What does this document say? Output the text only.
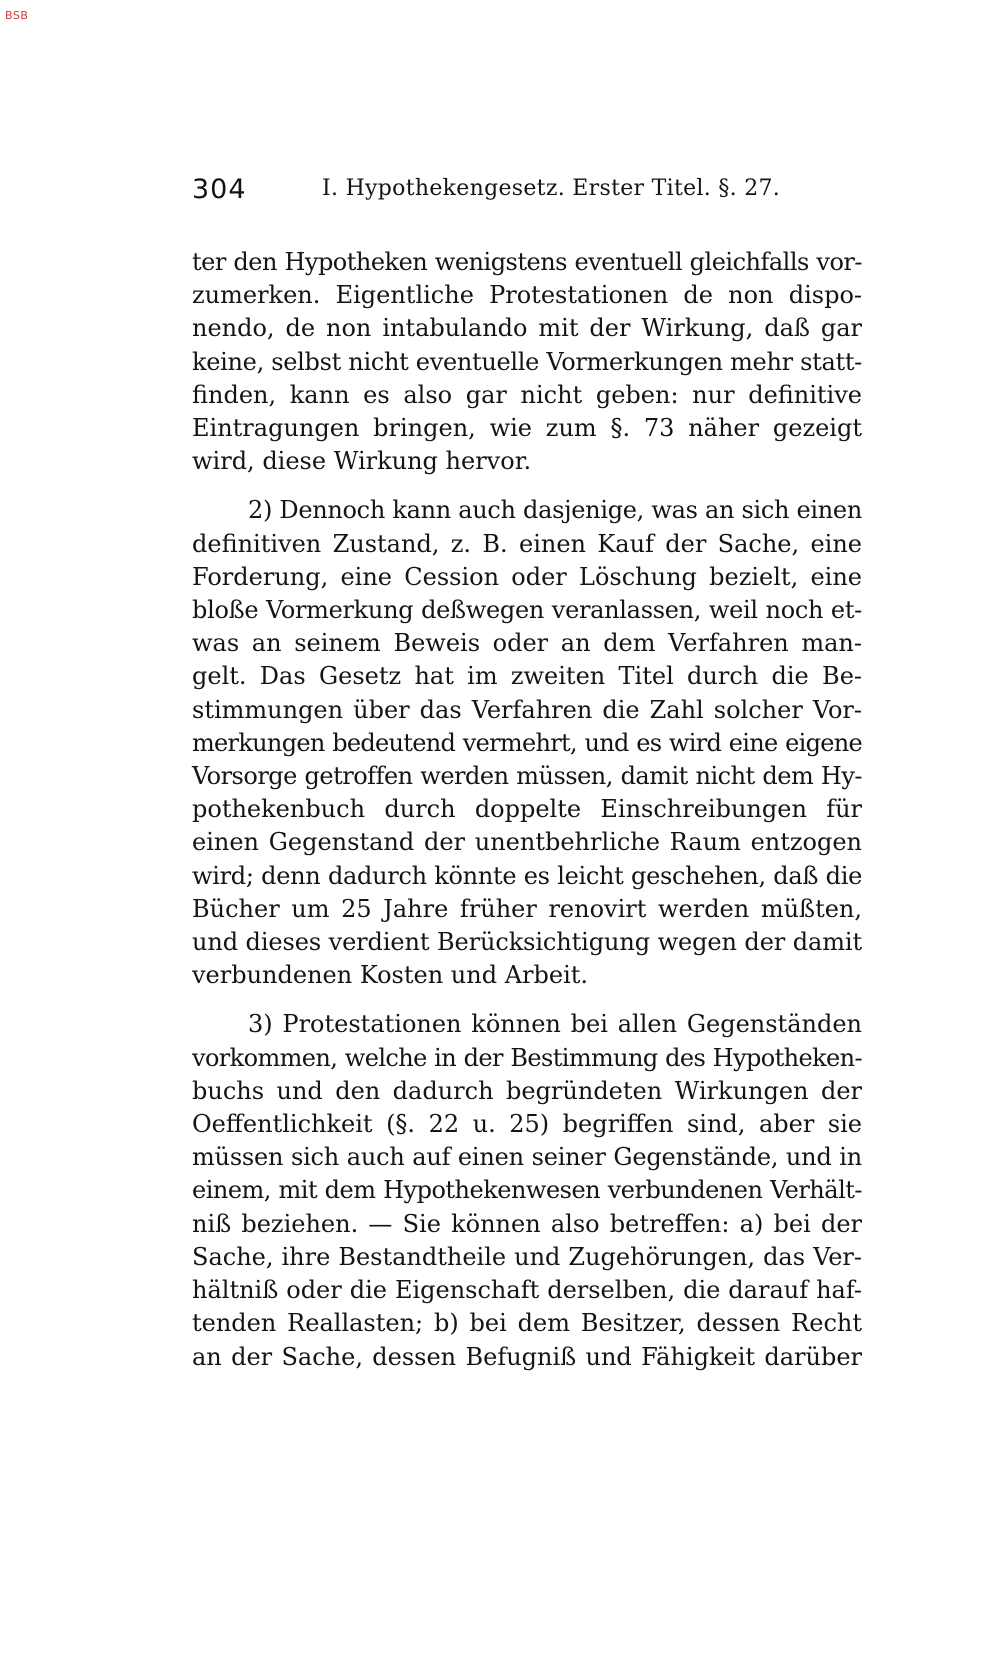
BSB
304	I. Hypothekengesetz. Erster Titel. §. 27.
ter den Hypotheken wenigstens eventuell gleichfalls vor-
zumerken. Eigentliche Protestationen de non dispo-
nendo, de non intabulando mit der Wirkung, daß gar
keine, selbst nicht eventuelle Vormerkungen mehr statt-
finden, kann es also gar nicht geben: nur definitive
Eintragungen bringen, wie zum §. 73 näher gezeigt
wird, diese Wirkung hervor.
2) Dennoch kann auch dasjenige, was an sich einen
definitiven Zustand, z. B. einen Kauf der Sache, eine
Forderung, eine Cession oder Löschung bezielt, eine
bloße Vormerkung deßwegen veranlassen, weil noch et-
was an seinem Beweis oder an dem Verfahren man-
gelt. Das Gesetz hat im zweiten Titel durch die Be-
stimmungen über das Verfahren die Zahl solcher Vor-
merkungen bedeutend vermehrt, und es wird eine eigene
Vorsorge getroffen werden müssen, damit nicht dem Hy-
pothekenbuch durch doppelte Einschreibungen für
einen Gegenstand der unentbehrliche Raum entzogen
wird; denn dadurch könnte es leicht geschehen, daß die
Bücher um 25 Jahre früher renovirt werden müßten,
und dieses verdient Berücksichtigung wegen der damit
verbundenen Kosten und Arbeit.
3) Protestationen können bei allen Gegenständen
vorkommen, welche in der Bestimmung des Hypotheken-
buchs und den dadurch begründeten Wirkungen der
Oeffentlichkeit (§. 22 u. 25) begriffen sind, aber sie
müssen sich auch auf einen seiner Gegenstände, und in
einem, mit dem Hypothekenwesen verbundenen Verhält-
niß beziehen. — Sie können also betreffen: a) bei der
Sache, ihre Bestandtheile und Zugehörungen, das Ver-
hältniß oder die Eigenschaft derselben, die darauf haf-
tenden Reallasten; b) bei dem Besitzer, dessen Recht
an der Sache, dessen Befugniß und Fähigkeit darüber
